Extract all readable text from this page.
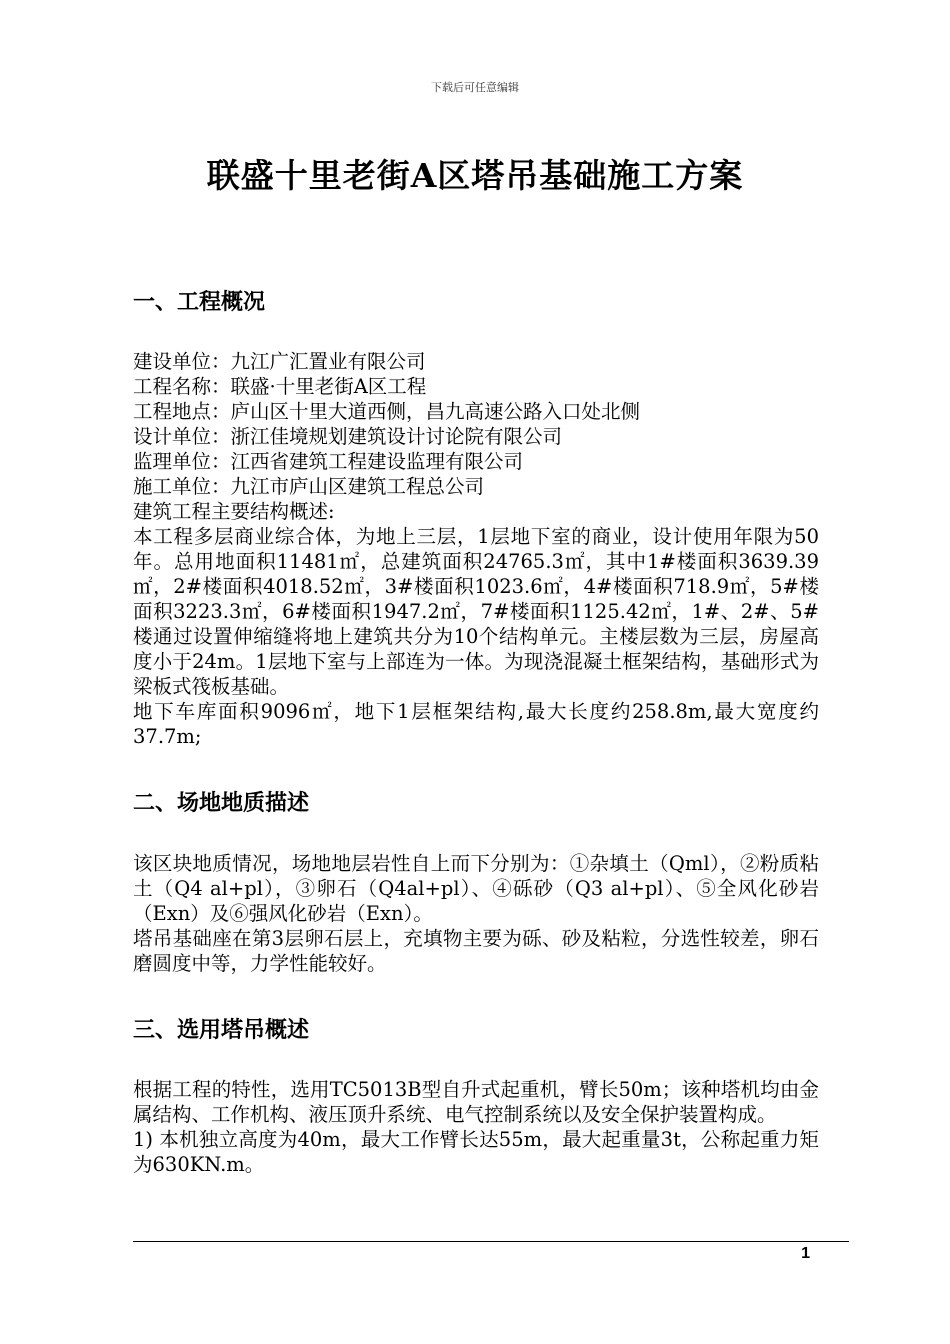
下载后可任意编辑
联盛十里老街A区塔吊基础施工方案
一、工程概况

建设单位：九江广汇置业有限公司

工程名称：联盛·十里老街A区工程

工程地点：庐山区十里大道西侧，昌九高速公路入口处北侧

设计单位：浙江佳境规划建筑设计讨论院有限公司

监理单位：江西省建筑工程建设监理有限公司

施工单位：九江市庐山区建筑工程总公司

建筑工程主要结构概述:

本工程多层商业综合体，为地上三层，1层地下室的商业，设计使用年限为50年。总用地面积11481㎡，总建筑面积24765.3㎡，其中1#楼面积3639.39㎡，2#楼面积4018.52㎡，3#楼面积1023.6㎡，4#楼面积718.9㎡，5#楼面积3223.3㎡，6#楼面积1947.2㎡，7#楼面积1125.42㎡，1#、2#、5#楼通过设置伸缩缝将地上建筑共分为10个结构单元。主楼层数为三层，房屋高度小于24m。1层地下室与上部连为一体。为现浇混凝土框架结构，基础形式为梁板式筏板基础。

地下车库面积9096㎡，地下1层框架结构,最大长度约258.8m,最大宽度约37.7m;

二、场地地质描述

该区块地质情况，场地地层岩性自上而下分别为：①杂填土（Qml），②粉质粘土（Q4 al+pl），③卵石（Q4al+pl）、④砾砂（Q3 al+pl）、⑤全风化砂岩（Exn）及⑥强风化砂岩（Exn）。

塔吊基础座在第3层卵石层上，充填物主要为砾、砂及粘粒，分选性较差，卵石磨圆度中等，力学性能较好。

三、选用塔吊概述

根据工程的特性，选用TC5013B型自升式起重机，臂长50m；该种塔机均由金属结构、工作机构、液压顶升系统、电气控制系统以及安全保护装置构成。

1) 本机独立高度为40m，最大工作臂长达55m，最大起重量3t，公称起重力矩为630KN.m。

1
